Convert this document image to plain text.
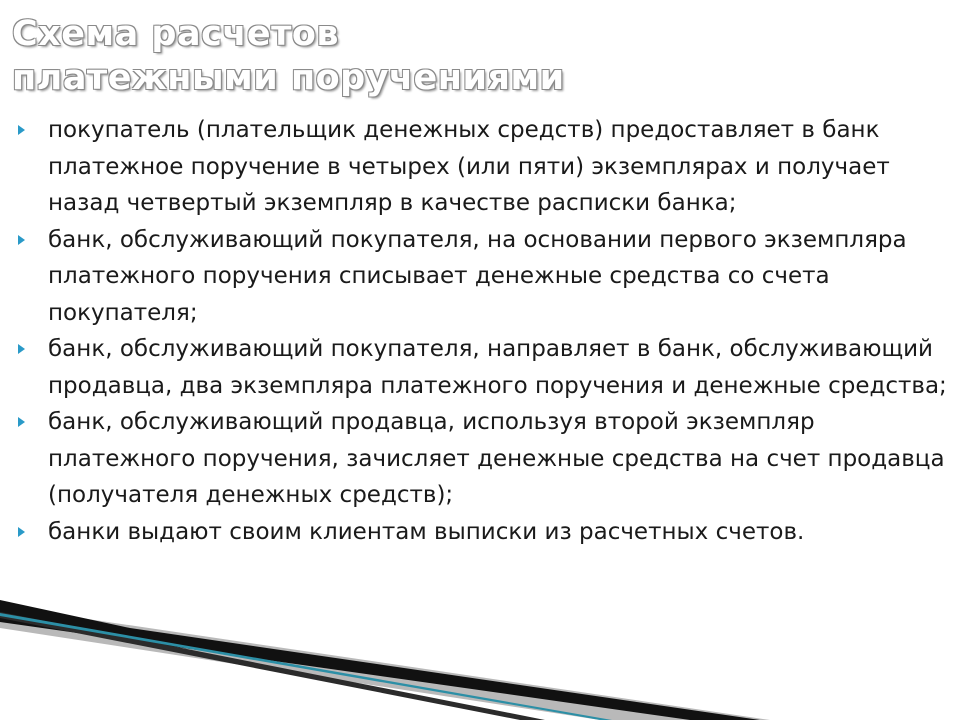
Схема расчетов
платежными поручениями
покупатель (плательщик денежных средств) предоставляет в банк платежное поручение в четырех (или пяти) экземплярах и получает назад четвертый экземпляр в качестве расписки банка;
банк, обслуживающий покупателя, на основании первого экземпляра платежного поручения списывает денежные средства со счета покупателя;
банк, обслуживающий покупателя, направляет в банк, обслуживающий продавца, два экземпляра платежного поручения и денежные средства;
банк, обслуживающий продавца, используя второй экземпляр платежного поручения, зачисляет денежные средства на счет продавца (получателя денежных средств);
банки выдают своим клиентам выписки из расчетных счетов.
